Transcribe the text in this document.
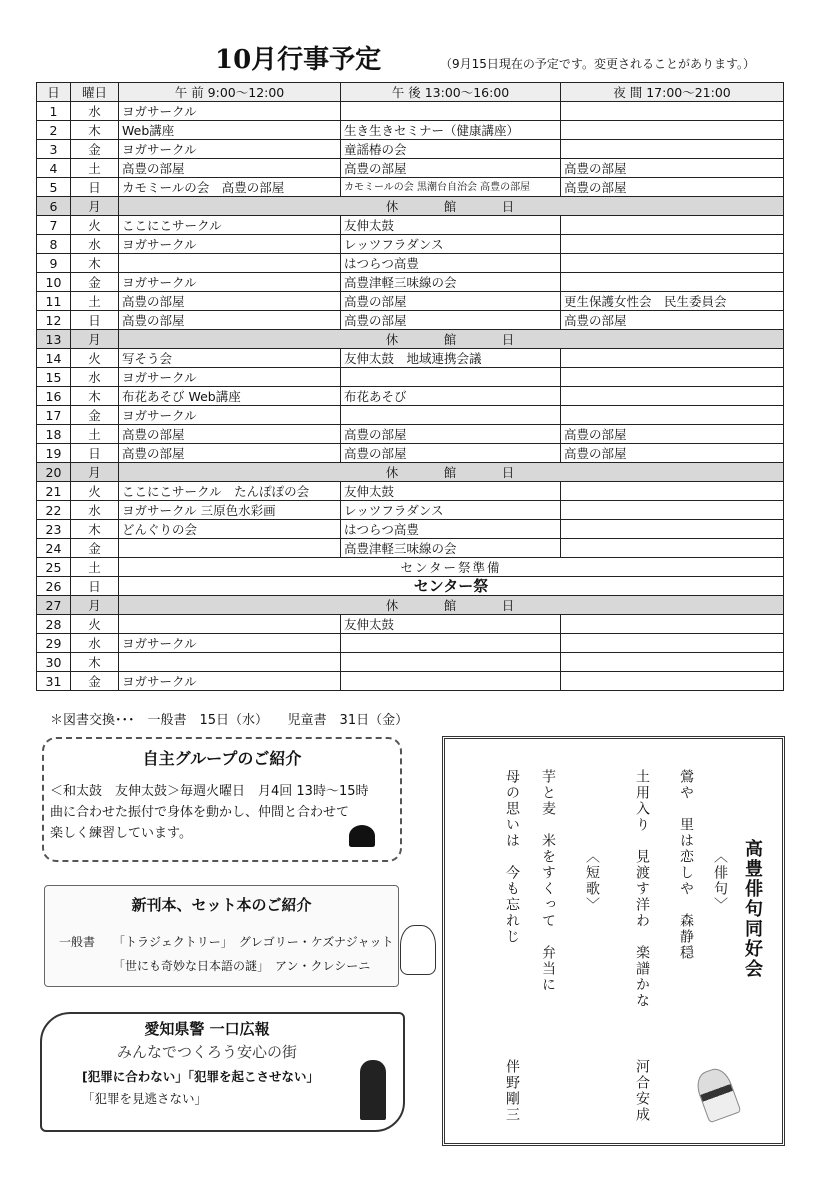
10月行事予定	（9月15日現在の予定です。変更されることがあります。）
日	曜日	午 前 9:00～12:00	午 後 13:00～16:00	夜 間 17:00～21:00
1	水	ヨガサークル		
2	木	Web講座	生き生きセミナー（健康講座）	
3	金	ヨガサークル	童謡椿の会	
4	土	高豊の部屋	高豊の部屋	高豊の部屋
5	日	カモミールの会　高豊の部屋	カモミールの会 黒潮台自治会 高豊の部屋	高豊の部屋
6	月	休　　　館　　　日		
7	火	ここにこサークル	友伸太鼓	
8	水	ヨガサークル	レッツフラダンス	
9	木		はつらつ高豊	
10	金	ヨガサークル	高豊津軽三味線の会	
11	土	高豊の部屋	高豊の部屋	更生保護女性会　民生委員会
12	日	高豊の部屋	高豊の部屋	高豊の部屋
13	月	休　　　館　　　日		
14	火	写そう会	友伸太鼓　地域連携会議	
15	水	ヨガサークル		
16	木	布花あそび Web講座	布花あそび	
17	金	ヨガサークル		
18	土	高豊の部屋	高豊の部屋	高豊の部屋
19	日	高豊の部屋	高豊の部屋	高豊の部屋
20	月	休　　　館　　　日		
21	火	ここにこサークル　たんぽぽの会	友伸太鼓	
22	水	ヨガサークル 三原色水彩画	レッツフラダンス	
23	木	どんぐりの会	はつらつ高豊	
24	金		高豊津軽三味線の会	
25	土	センター祭準備		
26	日	センター祭		
27	月	休　　　館　　　日		
28	火		友伸太鼓	
29	水	ヨガサークル		
30	木			
31	金	ヨガサークル		
＊図書交換･･･　一般書　15日（水）　　児童書　31日（金）
自主グループのご紹介
＜和太鼓　友伸太鼓＞毎週火曜日　月4回 13時～15時
曲に合わせた振付で身体を動かし、仲間と合わせて
楽しく練習しています。
新刊本、セット本のご紹介
一般書 「トラジェクトリー」　グレゴリー・ケズナジャット
「世にも奇妙な日本語の謎」　アン・クレシーニ
愛知県警 一口広報
みんなでつくろう安心の街
[犯罪に合わない」「犯罪を起こさせない」
「犯罪を見逃さない」
高豊俳句同好会
〈俳句〉
鶯や　里は恋しや　森静穏
土用入り　見渡す洋わ　楽譜かな
河合安成
〈短歌〉
芋と麦　米をすくって　弁当に
母の思いは　今も忘れじ
伴野剛三
